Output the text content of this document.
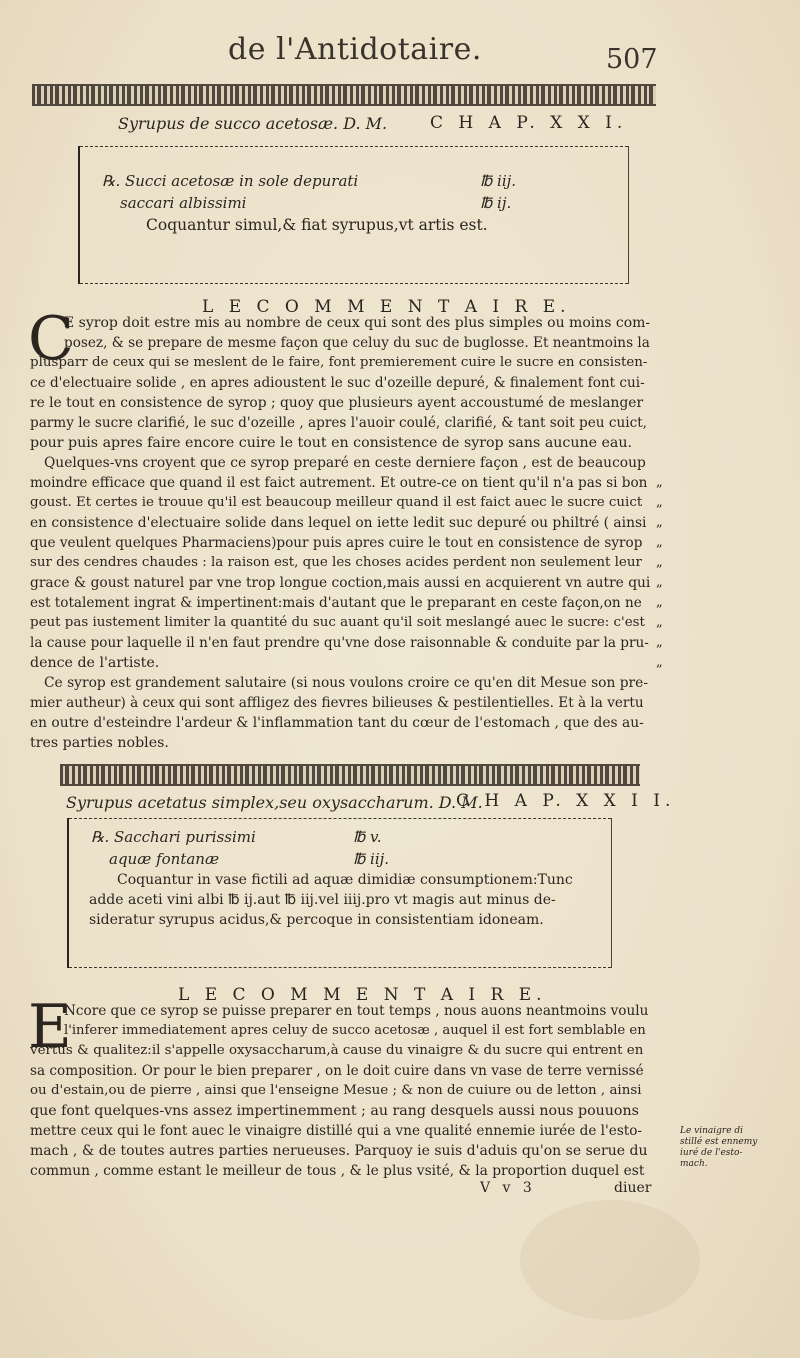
de l'Antidotaire.	507
Syrupus de succo acetosæ. D. M.	C H A P. X X I.
℞. Succi acetosæ in sole depurati	℔ iij.
saccari albissimi	℔ ij.
Coquantur simul,& fiat syrupus,vt artis est.
L E C O M M E N T A I R E.
C
E syrop doit estre mis au nombre de ceux qui sont des plus simples ou moins com-
posez, & se prepare de mesme façon que celuy du suc de buglosse. Et neantmoins la
plusparr de ceux qui se meslent de le faire, font premierement cuire le sucre en consisten-
ce d'electuaire solide , en apres adioustent le suc d'ozeille depuré, & finalement font cui-
re le tout en consistence de syrop ; quoy que plusieurs ayent accoustumé de meslanger
parmy le sucre clarifié, le suc d'ozeille , apres l'auoir coulé, clarifié, & tant soit peu cuict,
pour puis apres faire encore cuire le tout en consistence de syrop sans aucune eau.
Quelques-vns croyent que ce syrop preparé en ceste derniere façon , est de beaucoup
moindre efficace que quand il est faict autrement. Et outre-ce on tient qu'il n'a pas si bon
goust. Et certes ie trouue qu'il est beaucoup meilleur quand il est faict auec le sucre cuict
en consistence d'electuaire solide dans lequel on iette ledit suc depuré ou philtré ( ainsi
que veulent quelques Pharmaciens)pour puis apres cuire le tout en consistence de syrop
sur des cendres chaudes : la raison est, que les choses acides perdent non seulement leur
grace & goust naturel par vne trop longue coction,mais aussi en acquierent vn autre qui
est totalement ingrat & impertinent:mais d'autant que le preparant en ceste façon,on ne
peut pas iustement limiter la quantité du suc auant qu'il soit meslangé auec le sucre: c'est
la cause pour laquelle il n'en faut prendre qu'vne dose raisonnable & conduite par la pru-
dence de l'artiste.
Ce syrop est grandement salutaire (si nous voulons croire ce qu'en dit Mesue son pre-
mier autheur) à ceux qui sont affligez des fievres bilieuses & pestilentielles. Et à la vertu
en outre d'esteindre l'ardeur & l'inflammation tant du cœur de l'estomach , que des au-
tres parties nobles.
„
„
„
„
„
„
„
„
„
„
Syrupus acetatus simplex,seu oxysaccharum. D. M.
C H A P. X X I I.
℞. Sacchari purissimi	℔ v.
aquæ fontanæ	℔ iij.
Coquantur in vase fictili ad aquæ dimidiæ consumptionem:Tunc
adde aceti vini albi ℔ ij.aut ℔ iij.vel iiij.pro vt magis aut minus de-
sideratur syrupus acidus,& percoque in consistentiam idoneam.
L E C O M M E N T A I R E.
E
Ncore que ce syrop se puisse preparer en tout temps , nous auons neantmoins voulu
l'inferer immediatement apres celuy de succo acetosæ , auquel il est fort semblable en
vertus & qualitez:il s'appelle oxysaccharum,à cause du vinaigre & du sucre qui entrent en
sa composition. Or pour le bien preparer , on le doit cuire dans vn vase de terre vernissé
ou d'estain,ou de pierre , ainsi que l'enseigne Mesue ; & non de cuiure ou de letton , ainsi
que font quelques-vns assez impertinemment ; au rang desquels aussi nous pouuons
mettre ceux qui le font auec le vinaigre distillé qui a vne qualité ennemie iurée de l'esto-
mach , & de toutes autres parties nerueuses. Parquoy ie suis d'aduis qu'on se serue du
commun , comme estant le meilleur de tous , & le plus vsité, & la proportion duquel est
Le vinaigre di
stillé est ennemy
iuré de l'esto-
mach.
V v 3	diuer
